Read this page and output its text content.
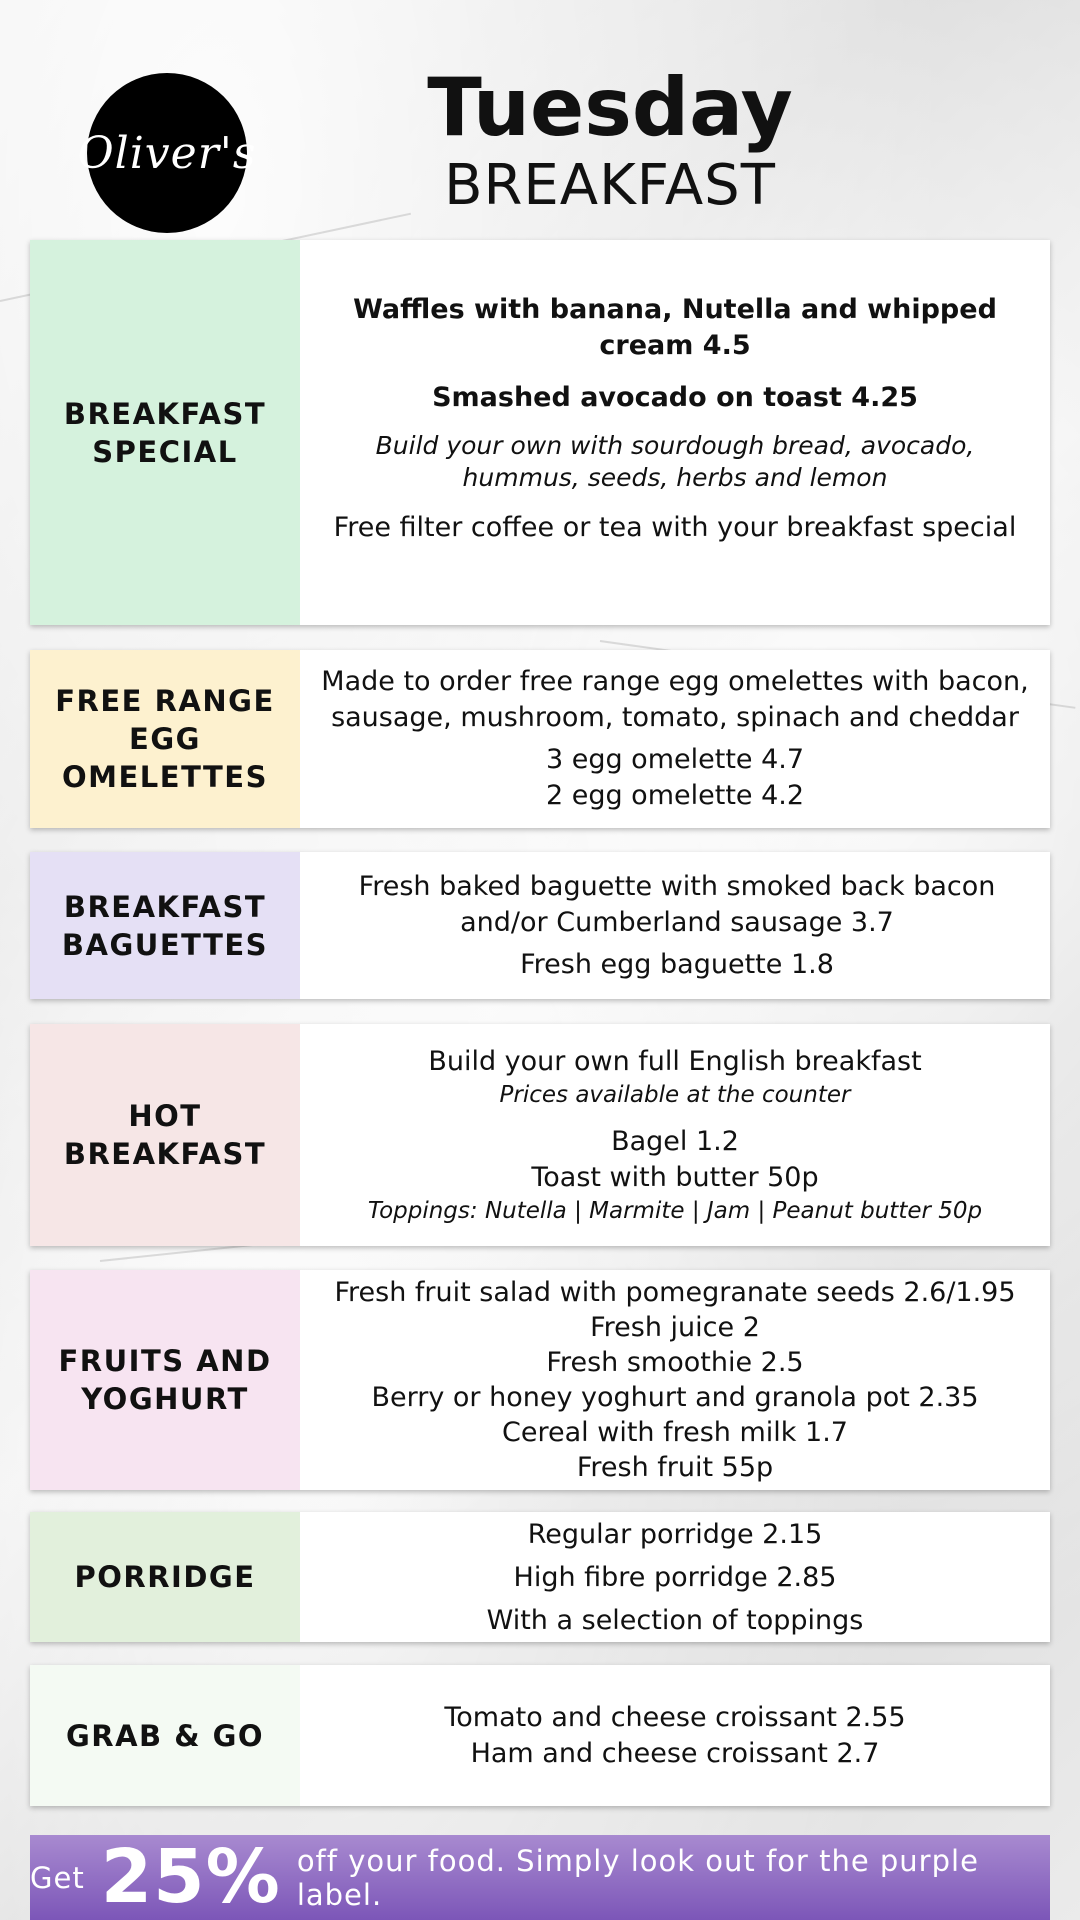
Oliver's	Tuesday
BREAKFAST
BREAKFAST
SPECIAL
Waffles with banana, Nutella and whipped cream 4.5
Smashed avocado on toast 4.25
Build your own with sourdough bread, avocado, hummus, seeds, herbs and lemon
Free filter coffee or tea with your breakfast special
FREE RANGE
EGG
OMELETTES
Made to order free range egg omelettes with bacon, sausage, mushroom, tomato, spinach and cheddar
3 egg omelette 4.7
2 egg omelette 4.2
BREAKFAST
BAGUETTES
Fresh baked baguette with smoked back bacon and/or Cumberland sausage 3.7
Fresh egg baguette 1.8
HOT
BREAKFAST
Build your own full English breakfast
Prices available at the counter
Bagel 1.2
Toast with butter 50p
Toppings: Nutella | Marmite | Jam | Peanut butter 50p
FRUITS AND
YOGHURT
Fresh fruit salad with pomegranate seeds 2.6/1.95
Fresh juice 2
Fresh smoothie 2.5
Berry or honey yoghurt and granola pot 2.35
Cereal with fresh milk 1.7
Fresh fruit 55p
PORRIDGE
Regular porridge 2.15
High fibre porridge 2.85
With a selection of toppings
GRAB & GO
Tomato and cheese croissant 2.55
Ham and cheese croissant 2.7
Get 25% off your food. Simply look out for the purple label.
